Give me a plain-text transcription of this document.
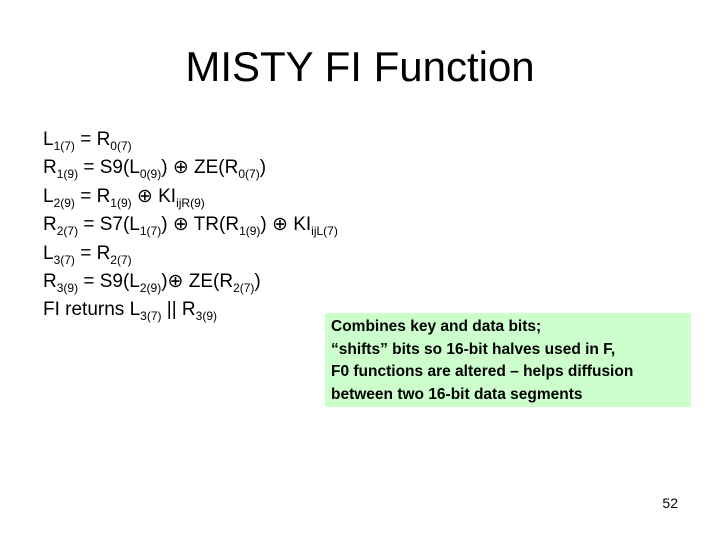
MISTY FI Function
$L_{1(7)} = R_{0(7)}$
$R_{1(9)} = S9(L_{0(9)})$ ⊕ $ZE(R_{0(7)})$
$L_{2(9)} = R_{1(9)}$ ⊕ $KI_{ijR(9)}$
$R_{2(7)} = S7(L_{1(7)})$ ⊕ $TR(R_{1(9)})$ ⊕ $KI_{ijL(7)}$
$L_{3(7)} = R_{2(7)}$
$R_{3(9)}$ = $S9(L_{2(9)})\oplus$ $ZE(R_{2(7)})$
FI returns $L_{3(7)}$ || $R_{3(9)}$
Combines key and data bits;
“shifts” bits so 16-bit halves used in F,
F0 functions are altered – helps diffusion
between two 16-bit data segments
52
